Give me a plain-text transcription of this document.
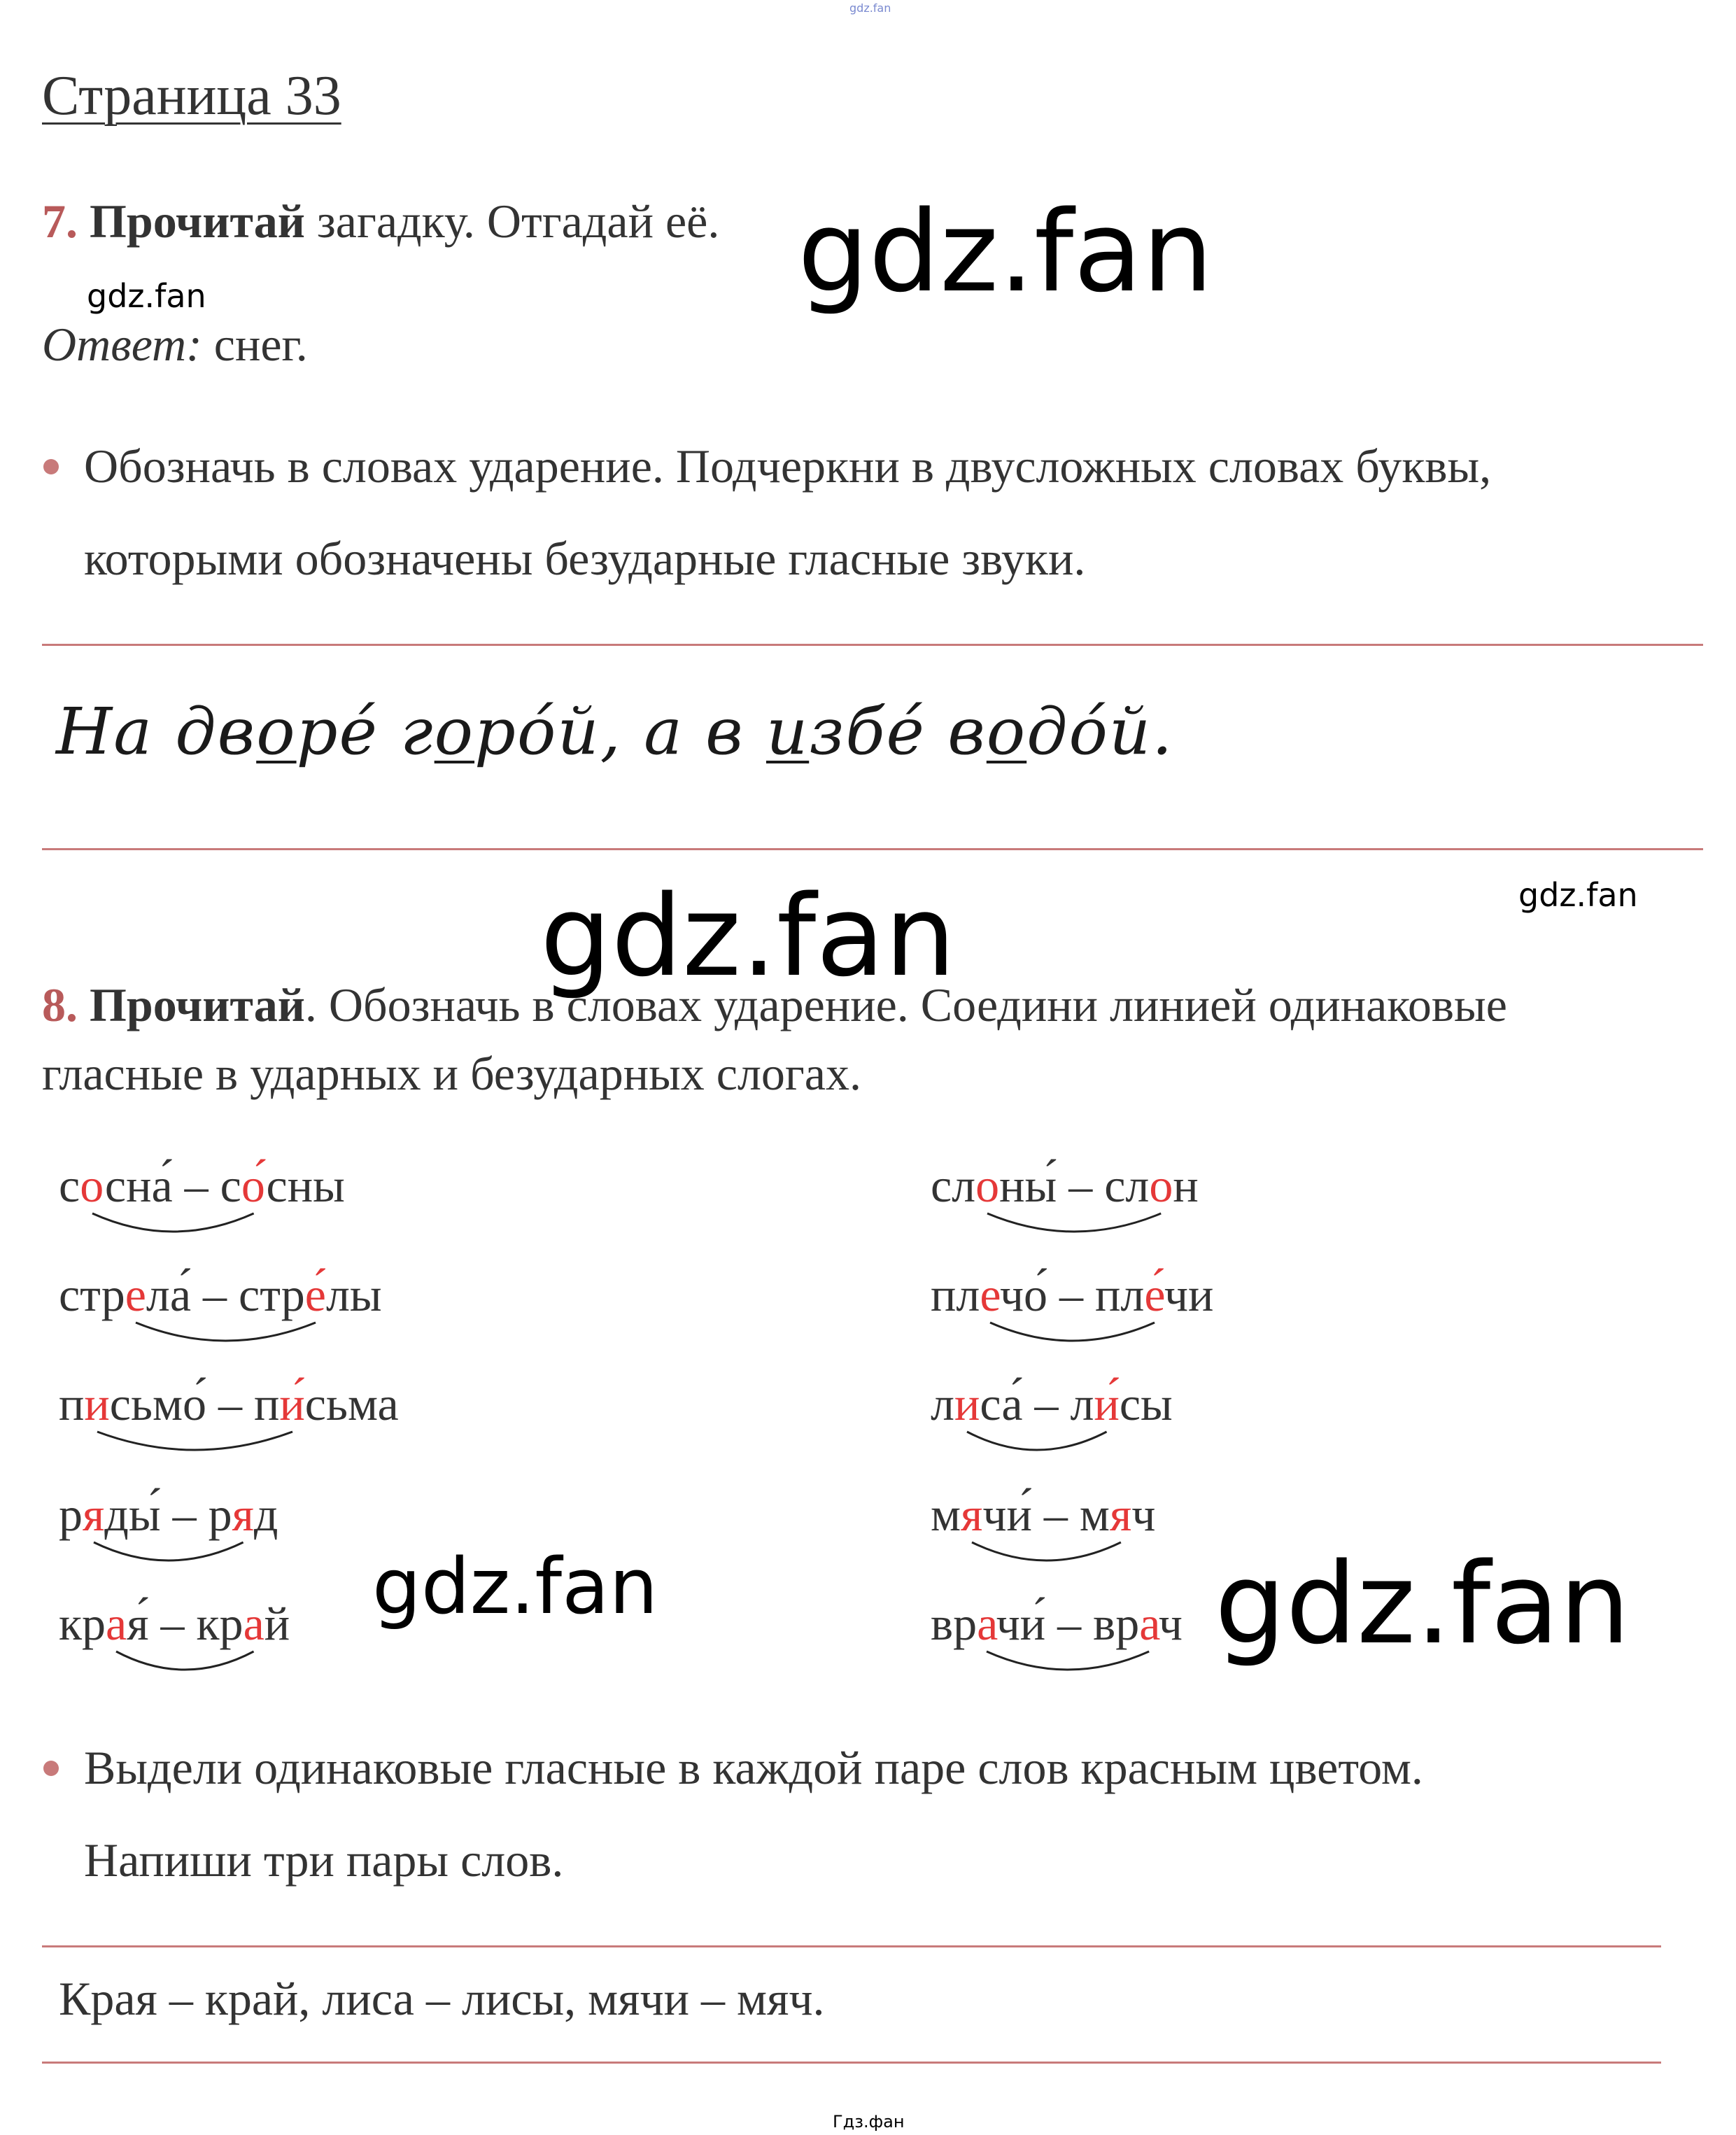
gdz.fan
Страница 33
7. Прочитай загадку. Отгадай её. gdz.fan
gdz.fan
Ответ: снег.
Обозначь в словах ударение. Подчеркни в двусложных словах буквы,
которыми обозначены безударные гласные звуки.
На дворе́ горо́й, а в избе́ водо́й.
gdz.fan
gdz.fan
8. Прочитай. Обозначь в словах ударение. Соедини линией одинаковые
гласные в ударных и безударных слогах.
сосна́ – со́сны
стрела́ – стре́лы
письмо́ – пи́сьма
ряды́ – ряд
края́ – край
слоны́ – слон
плечо́ – пле́чи
лиса́ – ли́сы
мячи́ – мяч
врачи́ – врач
gdz.fan	gdz.fan
Выдели одинаковые гласные в каждой паре слов красным цветом.
Напиши три пары слов.
Края – край, лиса – лисы, мячи – мяч.
Гдз.фан
